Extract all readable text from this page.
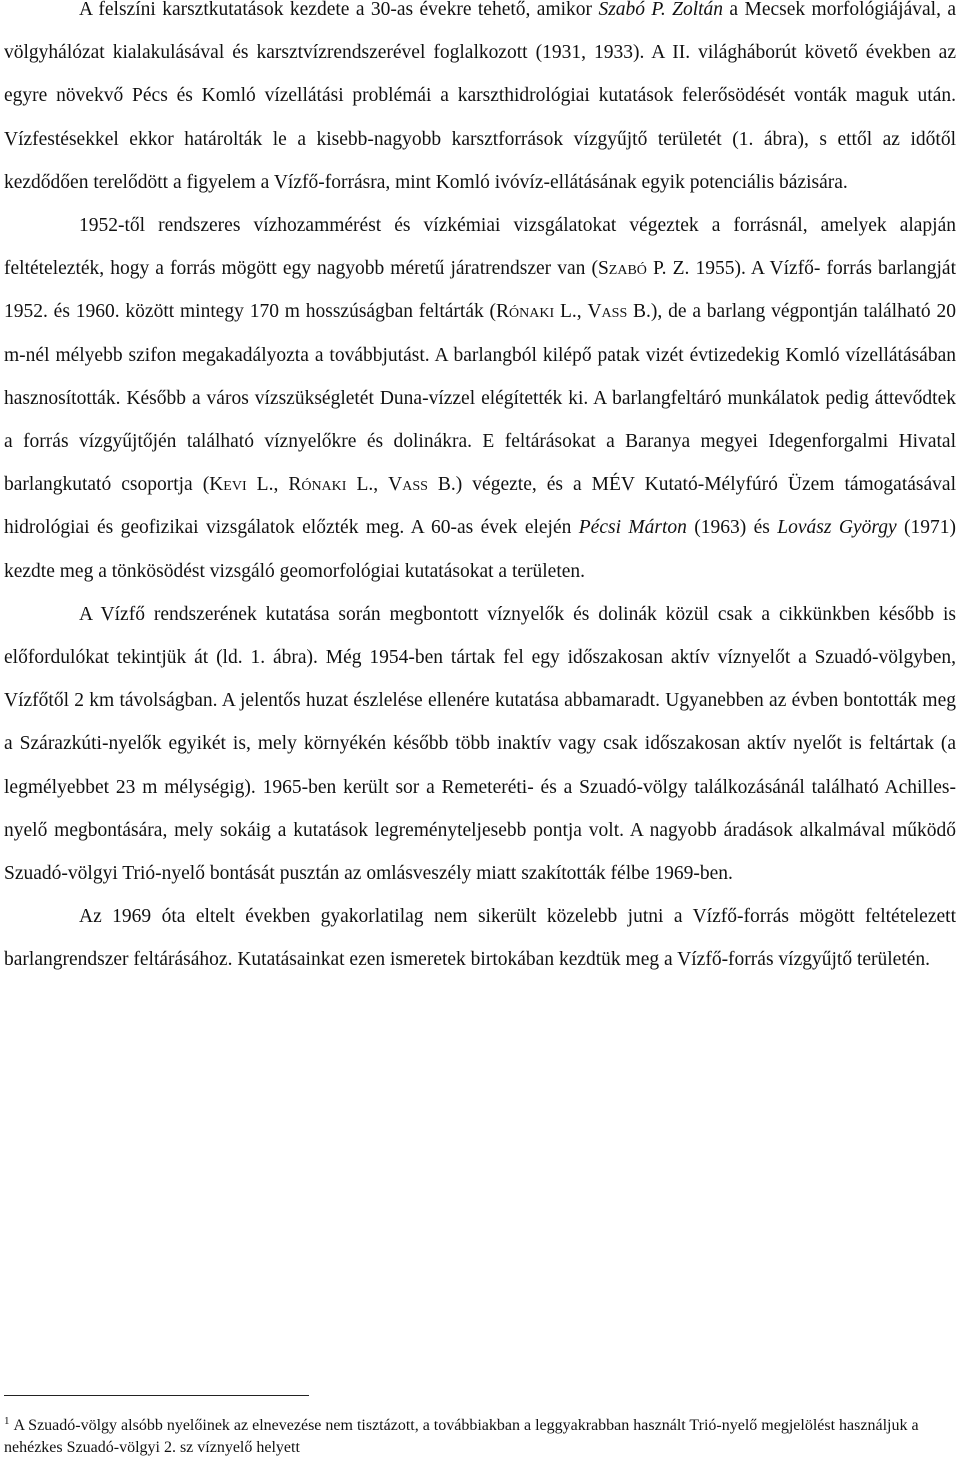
A felszíni karsztkutatások kezdete a 30-as évekre tehető, amikor Szabó P. Zoltán a Mecsek morfológiájával, a völgyhálózat kialakulásával és karsztvízrendszerével foglalkozott (1931, 1933). A II. világháborút követő években az egyre növekvő Pécs és Komló vízellátási problémái a karszthidrológiai kutatások felerősödését vonták maguk után. Vízfestésekkel ekkor határolták le a kisebb-nagyobb karsztforrások vízgyűjtő területét (1. ábra), s ettől az időtől kezdődően terelődött a figyelem a Vízfő-forrásra, mint Komló ivóvíz-ellátásának egyik potenciális bázisára.

1952-től rendszeres vízhozammérést és vízkémiai vizsgálatokat végeztek a forrásnál, amelyek alapján feltételezték, hogy a forrás mögött egy nagyobb méretű járatrendszer van (Szabó P. Z. 1955). A Vízfő- forrás barlangját 1952. és 1960. között mintegy 170 m hosszúságban feltárták (Rónaki L., Vass B.), de a barlang végpontján található 20 m-nél mélyebb szifon megakadályozta a továbbjutást. A barlangból kilépő patak vizét évtizedekig Komló vízellátásában hasznosították. Később a város vízszükségletét Duna-vízzel elégítették ki. A barlangfeltáró munkálatok pedig áttevődtek a forrás vízgyűjtőjén található víznyelőkre és dolinákra. E feltárásokat a Baranya megyei Idegenforgalmi Hivatal barlangkutató csoportja (Kevi L., Rónaki L., Vass B.) végezte, és a MÉV Kutató-Mélyfúró Üzem támogatásával hidrológiai és geofizikai vizsgálatok előzték meg. A 60-as évek elején Pécsi Márton (1963) és Lovász György (1971) kezdte meg a tönkösödést vizsgáló geomorfológiai kutatásokat a területen.

A Vízfő rendszerének kutatása során megbontott víznyelők és dolinák közül csak a cikkünkben később is előfordulókat tekintjük át (ld. 1. ábra). Még 1954-ben tártak fel egy időszakosan aktív víznyelőt a Szuadó-völgyben, Vízfőtől 2 km távolságban. A jelentős huzat észlelése ellenére kutatása abbamaradt. Ugyanebben az évben bontották meg a Szárazkúti-nyelők egyikét is, mely környékén később több inaktív vagy csak időszakosan aktív nyelőt is feltártak (a legmélyebbet 23 m mélységig). 1965-ben került sor a Remeteréti- és a Szuadó-völgy találkozásánál található Achilles-nyelő megbontására, mely sokáig a kutatások legreményteljesebb pontja volt. A nagyobb áradások alkalmával működő Szuadó-völgyi Trió-nyelő bontását pusztán az omlásveszély miatt szakították félbe 1969-ben.

Az 1969 óta eltelt években gyakorlatilag nem sikerült közelebb jutni a Vízfő-forrás mögött feltételezett barlangrendszer feltárásához. Kutatásainkat ezen ismeretek birtokában kezdtük meg a Vízfő-forrás vízgyűjtő területén.

$^1$ A Szuadó-völgy alsóbb nyelőinek az elnevezése nem tisztázott, a továbbiakban a leggyakrabban használt Trió-nyelő megjelölést használjuk a nehézkes Szuadó-völgyi 2. sz víznyelő helyett
